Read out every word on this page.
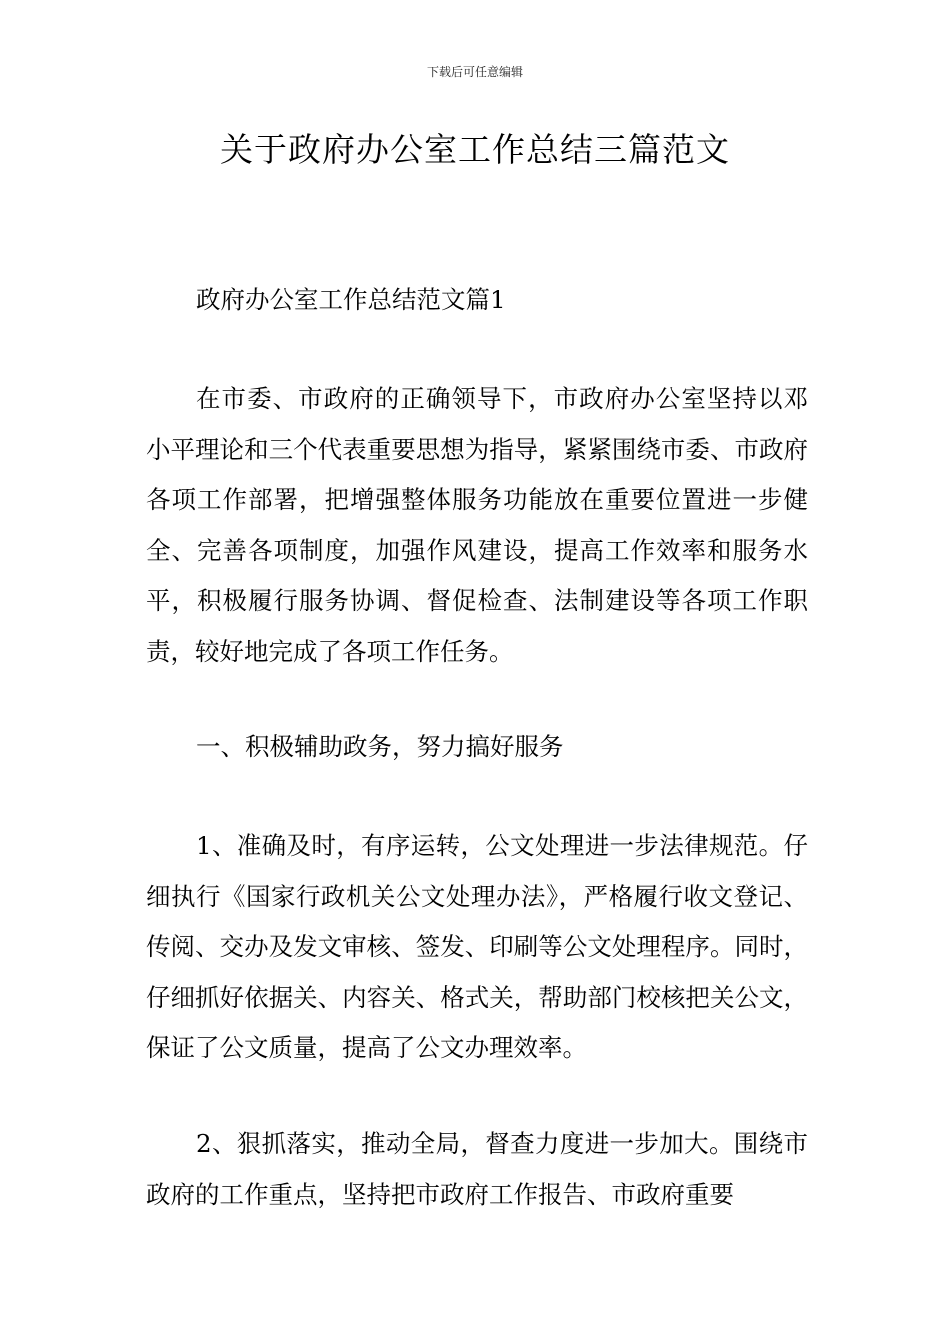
下载后可任意编辑
关于政府办公室工作总结三篇范文

政府办公室工作总结范文篇1

在市委、市政府的正确领导下，市政府办公室坚持以邓小平理论和三个代表重要思想为指导，紧紧围绕市委、市政府各项工作部署，把增强整体服务功能放在重要位置进一步健全、完善各项制度，加强作风建设，提高工作效率和服务水平，积极履行服务协调、督促检查、法制建设等各项工作职责，较好地完成了各项工作任务。

一、积极辅助政务，努力搞好服务

1、准确及时，有序运转，公文处理进一步法律规范。仔细执行《国家行政机关公文处理办法》，严格履行收文登记、传阅、交办及发文审核、签发、印刷等公文处理程序。同时，仔细抓好依据关、内容关、格式关，帮助部门校核把关公文，保证了公文质量，提高了公文办理效率。

2、狠抓落实，推动全局，督查力度进一步加大。围绕市政府的工作重点，坚持把市政府工作报告、市政府重要
